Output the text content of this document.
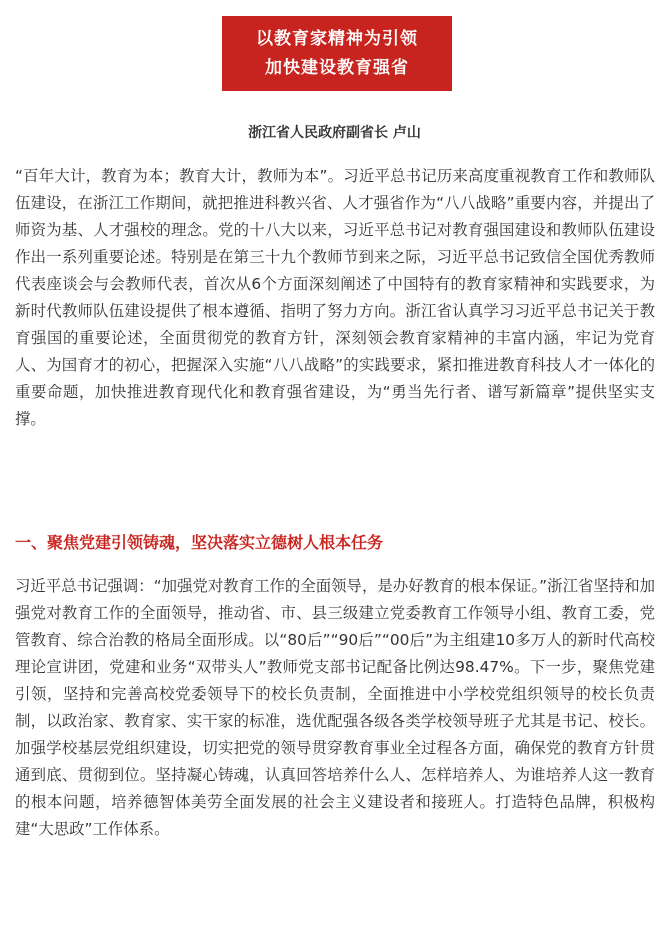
以教育家精神为引领
加快建设教育强省
浙江省人民政府副省长 卢山

“百年大计，教育为本；教育大计，教师为本”。习近平总书记历来高度重视教育工作和教师队伍建设，在浙江工作期间，就把推进科教兴省、人才强省作为“八八战略”重要内容，并提出了师资为基、人才强校的理念。党的十八大以来，习近平总书记对教育强国建设和教师队伍建设作出一系列重要论述。特别是在第三十九个教师节到来之际，习近平总书记致信全国优秀教师代表座谈会与会教师代表，首次从6个方面深刻阐述了中国特有的教育家精神和实践要求，为新时代教师队伍建设提供了根本遵循、指明了努力方向。浙江省认真学习习近平总书记关于教育强国的重要论述，全面贯彻党的教育方针，深刻领会教育家精神的丰富内涵，牢记为党育人、为国育才的初心，把握深入实施“八八战略”的实践要求，紧扣推进教育科技人才一体化的重要命题，加快推进教育现代化和教育强省建设，为“勇当先行者、谱写新篇章”提供坚实支撑。

一、聚焦党建引领铸魂，坚决落实立德树人根本任务

习近平总书记强调：“加强党对教育工作的全面领导，是办好教育的根本保证。”浙江省坚持和加强党对教育工作的全面领导，推动省、市、县三级建立党委教育工作领导小组、教育工委，党管教育、综合治教的格局全面形成。以“80后”“90后”“00后”为主组建10多万人的新时代高校理论宣讲团，党建和业务“双带头人”教师党支部书记配备比例达98.47%。下一步，聚焦党建引领，坚持和完善高校党委领导下的校长负责制，全面推进中小学校党组织领导的校长负责制，以政治家、教育家、实干家的标准，选优配强各级各类学校领导班子尤其是书记、校长。加强学校基层党组织建设，切实把党的领导贯穿教育事业全过程各方面，确保党的教育方针贯通到底、贯彻到位。坚持凝心铸魂，认真回答培养什么人、怎样培养人、为谁培养人这一教育的根本问题，培养德智体美劳全面发展的社会主义建设者和接班人。打造特色品牌，积极构建“大思政”工作体系。
